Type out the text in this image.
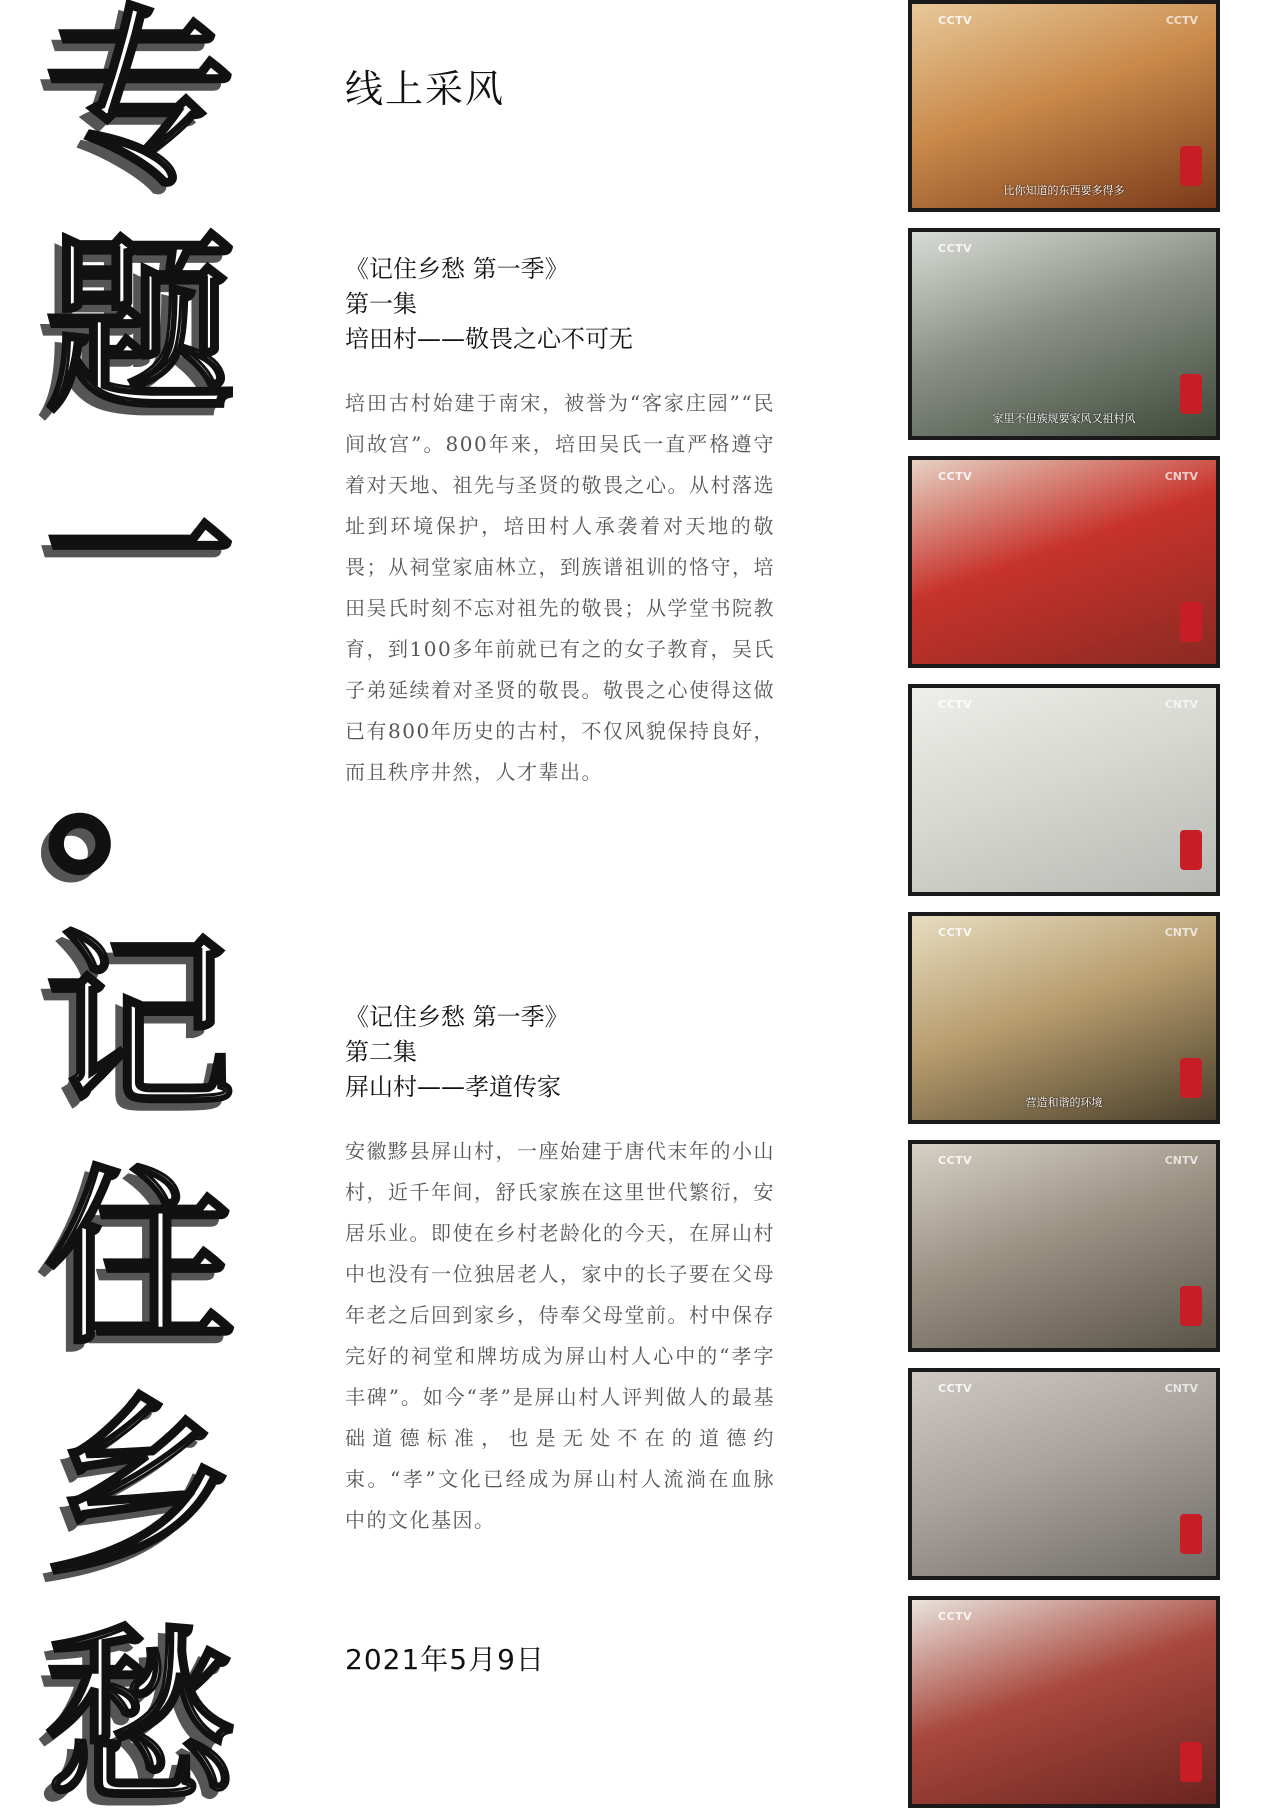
专
题
一
。
记
住
乡
愁
线上采风
《记住乡愁 第一季》
第一集
培田村——敬畏之心不可无
培田古村始建于南宋，被誉为“客家庄园”“民间故宫”。800年来，培田吴氏一直严格遵守着对天地、祖先与圣贤的敬畏之心。从村落选址到环境保护，培田村人承袭着对天地的敬畏；从祠堂家庙林立，到族谱祖训的恪守，培田吴氏时刻不忘对祖先的敬畏；从学堂书院教育，到100多年前就已有之的女子教育，吴氏子弟延续着对圣贤的敬畏。敬畏之心使得这做已有800年历史的古村，不仅风貌保持良好，而且秩序井然，人才辈出。
《记住乡愁 第一季》
第二集
屏山村——孝道传家
安徽黟县屏山村，一座始建于唐代末年的小山村，近千年间，舒氏家族在这里世代繁衍，安居乐业。即使在乡村老龄化的今天，在屏山村中也没有一位独居老人，家中的长子要在父母年老之后回到家乡，侍奉父母堂前。村中保存完好的祠堂和牌坊成为屏山村人心中的“孝字丰碑”。如今“孝”是屏山村人评判做人的最基础道德标准，也是无处不在的道德约束。“孝”文化已经成为屏山村人流淌在血脉中的文化基因。
2021年5月9日
CCTV	CCTV
比你知道的东西要多得多
CCTV
家里不但族规要家风又祖村风
CCTV	CNTV
CCTV	CNTV
CCTV	CNTV
营造和谐的环境
CCTV	CNTV
CCTV	CNTV
CCTV
